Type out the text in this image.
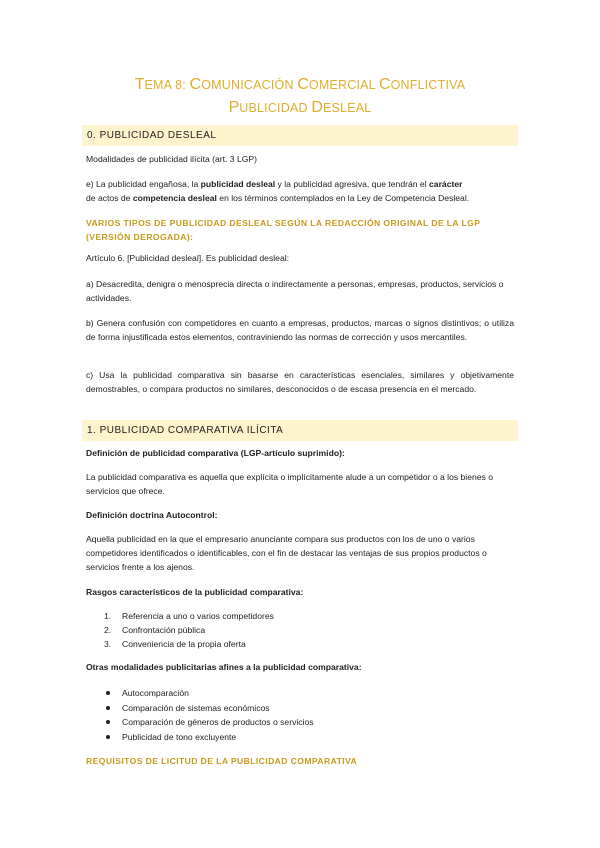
TEMA 8: COMUNICACIÓN COMERCIAL CONFLICTIVA
PUBLICIDAD DESLEAL
0. PUBLICIDAD DESLEAL
Modalidades de publicidad ilícita (art. 3 LGP)
e) La publicidad engañosa, la publicidad desleal y la publicidad agresiva, que tendrán el carácter
de actos de competencia desleal en los términos contemplados en la Ley de Competencia Desleal.
VARIOS TIPOS DE PUBLICIDAD DESLEAL SEGÚN LA REDACCIÓN ORIGINAL DE LA LGP (VERSIÓN DEROGADA):
Artículo 6. [Publicidad desleal]. Es publicidad desleal:
a) Desacredita, denigra o menosprecia directa o indirectamente a personas, empresas, productos, servicios o actividades.
b) Genera confusión con competidores en cuanto a empresas, productos, marcas o signos distintivos; o utiliza de forma injustificada estos elementos, contraviniendo las normas de corrección y usos mercantiles.
c) Usa la publicidad comparativa sin basarse en características esenciales, similares y objetivamente demostrables, o compara productos no similares, desconocidos o de escasa presencia en el mercado.
1. PUBLICIDAD COMPARATIVA ILÍCITA
Definición de publicidad comparativa (LGP-artículo suprimido):
La publicidad comparativa es aquella que explícita o implícitamente alude a un competidor o a los bienes o servicios que ofrece.
Definición doctrina Autocontrol:
Aquella publicidad en la que el empresario anunciante compara sus productos con los de uno o varios competidores identificados o identificables, con el fin de destacar las ventajas de sus propios productos o servicios frente a los ajenos.
Rasgos característicos de la publicidad comparativa:
1.	Referencia a uno o varios competidores
2.	Confrontación pública
3.	Conveniencia de la propia oferta
Otras modalidades publicitarias afines a la publicidad comparativa:
Autocomparación
Comparación de sistemas económicos
Comparación de géneros de productos o servicios
Publicidad de tono excluyente
REQUISITOS DE LICITUD DE LA PUBLICIDAD COMPARATIVA
